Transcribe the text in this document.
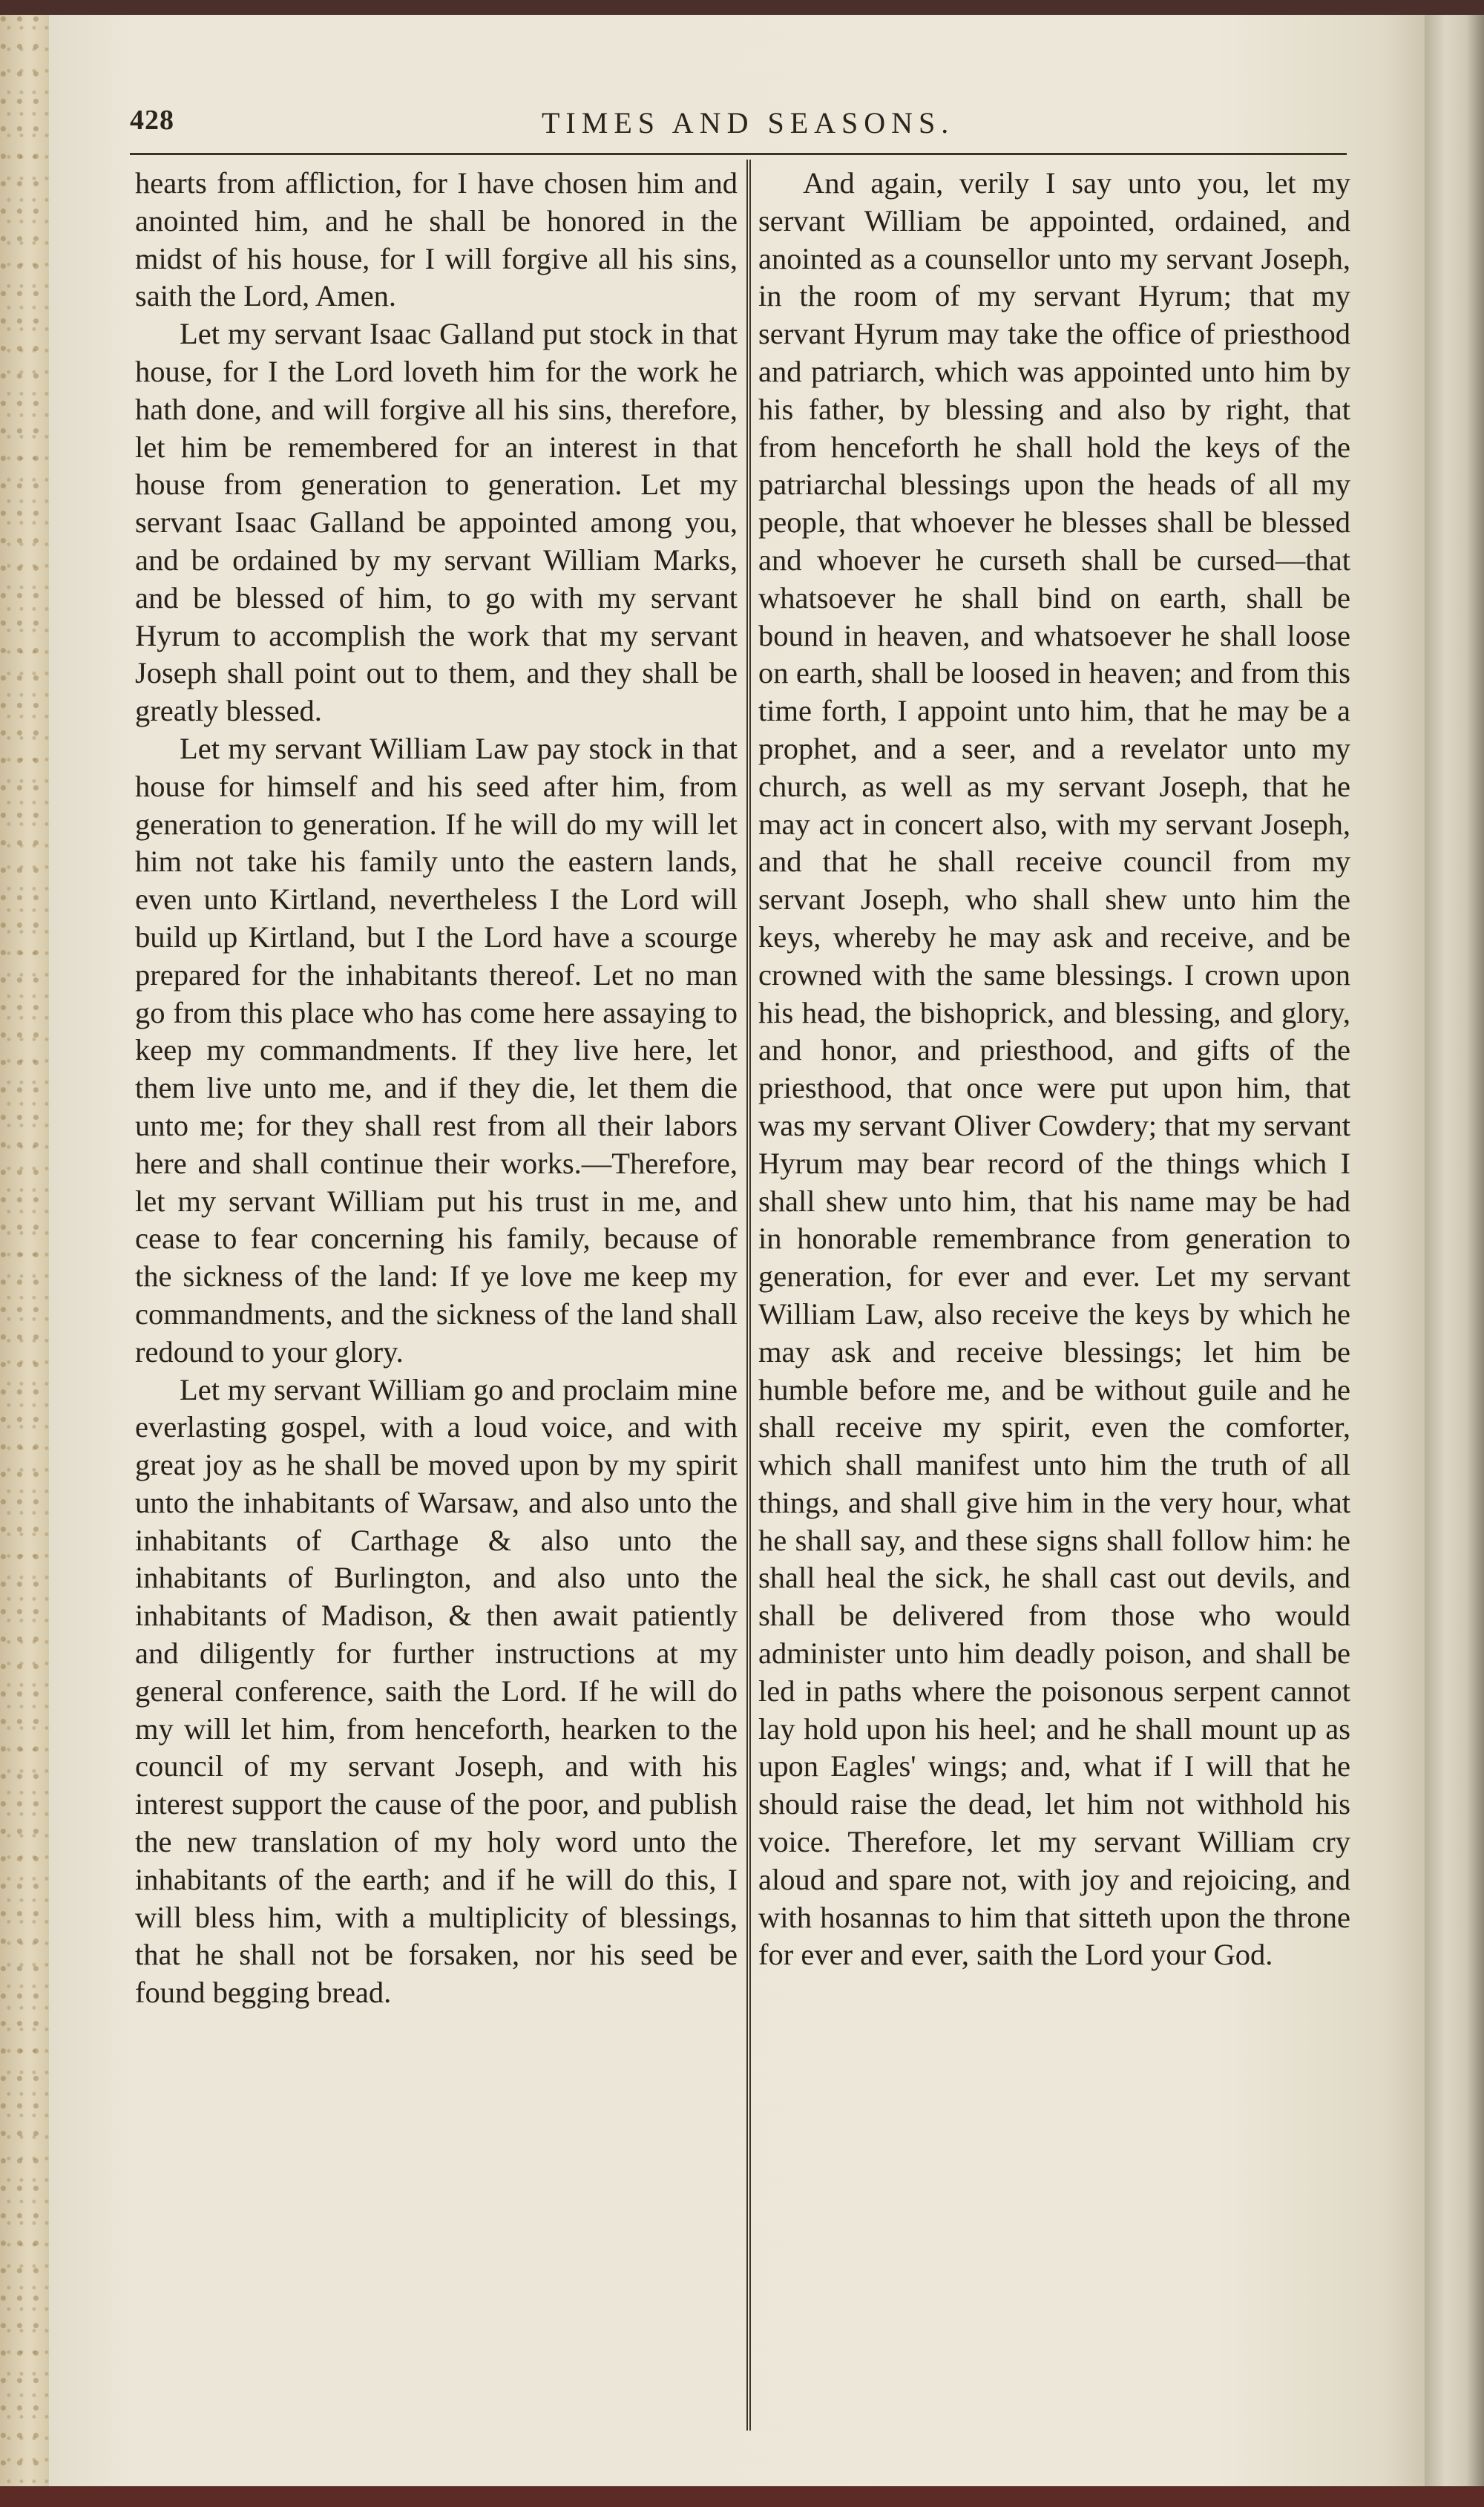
428	TIMES AND SEASONS.

hearts from affliction, for I have chosen him and anointed him, and he shall be honored in the midst of his house, for I will forgive all his sins, saith the Lord, Amen.

Let my servant Isaac Galland put stock in that house, for I the Lord loveth him for the work he hath done, and will forgive all his sins, therefore, let him be remembered for an interest in that house from generation to generation. Let my servant Isaac Galland be appointed among you, and be ordained by my servant William Marks, and be blessed of him, to go with my servant Hyrum to accomplish the work that my servant Joseph shall point out to them, and they shall be greatly blessed.

Let my servant William Law pay stock in that house for himself and his seed after him, from generation to generation. If he will do my will let him not take his family unto the eastern lands, even unto Kirtland, nevertheless I the Lord will build up Kirtland, but I the Lord have a scourge prepared for the inhabitants thereof. Let no man go from this place who has come here assaying to keep my commandments. If they live here, let them live unto me, and if they die, let them die unto me; for they shall rest from all their labors here and shall continue their works.—Therefore, let my servant William put his trust in me, and cease to fear concerning his family, because of the sickness of the land: If ye love me keep my commandments, and the sickness of the land shall redound to your glory.

Let my servant William go and proclaim mine everlasting gospel, with a loud voice, and with great joy as he shall be moved upon by my spirit unto the inhabitants of Warsaw, and also unto the inhabitants of Carthage & also unto the inhabitants of Burlington, and also unto the inhabitants of Madison, & then await patiently and diligently for further instructions at my general conference, saith the Lord. If he will do my will let him, from henceforth, hearken to the council of my servant Joseph, and with his interest support the cause of the poor, and publish the new translation of my holy word unto the inhabitants of the earth; and if he will do this, I will bless him, with a multiplicity of blessings, that he shall not be forsaken, nor his seed be found begging bread.

And again, verily I say unto you, let my servant William be appointed, ordained, and anointed as a counsellor unto my servant Joseph, in the room of my servant Hyrum; that my servant Hyrum may take the office of priesthood and patriarch, which was appointed unto him by his father, by blessing and also by right, that from henceforth he shall hold the keys of the patriarchal blessings upon the heads of all my people, that whoever he blesses shall be blessed and whoever he curseth shall be cursed—that whatsoever he shall bind on earth, shall be bound in heaven, and whatsoever he shall loose on earth, shall be loosed in heaven; and from this time forth, I appoint unto him, that he may be a prophet, and a seer, and a revelator unto my church, as well as my servant Joseph, that he may act in concert also, with my servant Joseph, and that he shall receive council from my servant Joseph, who shall shew unto him the keys, whereby he may ask and receive, and be crowned with the same blessings. I crown upon his head, the bishoprick, and blessing, and glory, and honor, and priesthood, and gifts of the priesthood, that once were put upon him, that was my servant Oliver Cowdery; that my servant Hyrum may bear record of the things which I shall shew unto him, that his name may be had in honorable remembrance from generation to generation, for ever and ever. Let my servant William Law, also receive the keys by which he may ask and receive blessings; let him be humble before me, and be without guile and he shall receive my spirit, even the comforter, which shall manifest unto him the truth of all things, and shall give him in the very hour, what he shall say, and these signs shall follow him: he shall heal the sick, he shall cast out devils, and shall be delivered from those who would administer unto him deadly poison, and shall be led in paths where the poisonous serpent cannot lay hold upon his heel; and he shall mount up as upon Eagles' wings; and, what if I will that he should raise the dead, let him not withhold his voice. Therefore, let my servant William cry aloud and spare not, with joy and rejoicing, and with hosannas to him that sitteth upon the throne for ever and ever, saith the Lord your God.
